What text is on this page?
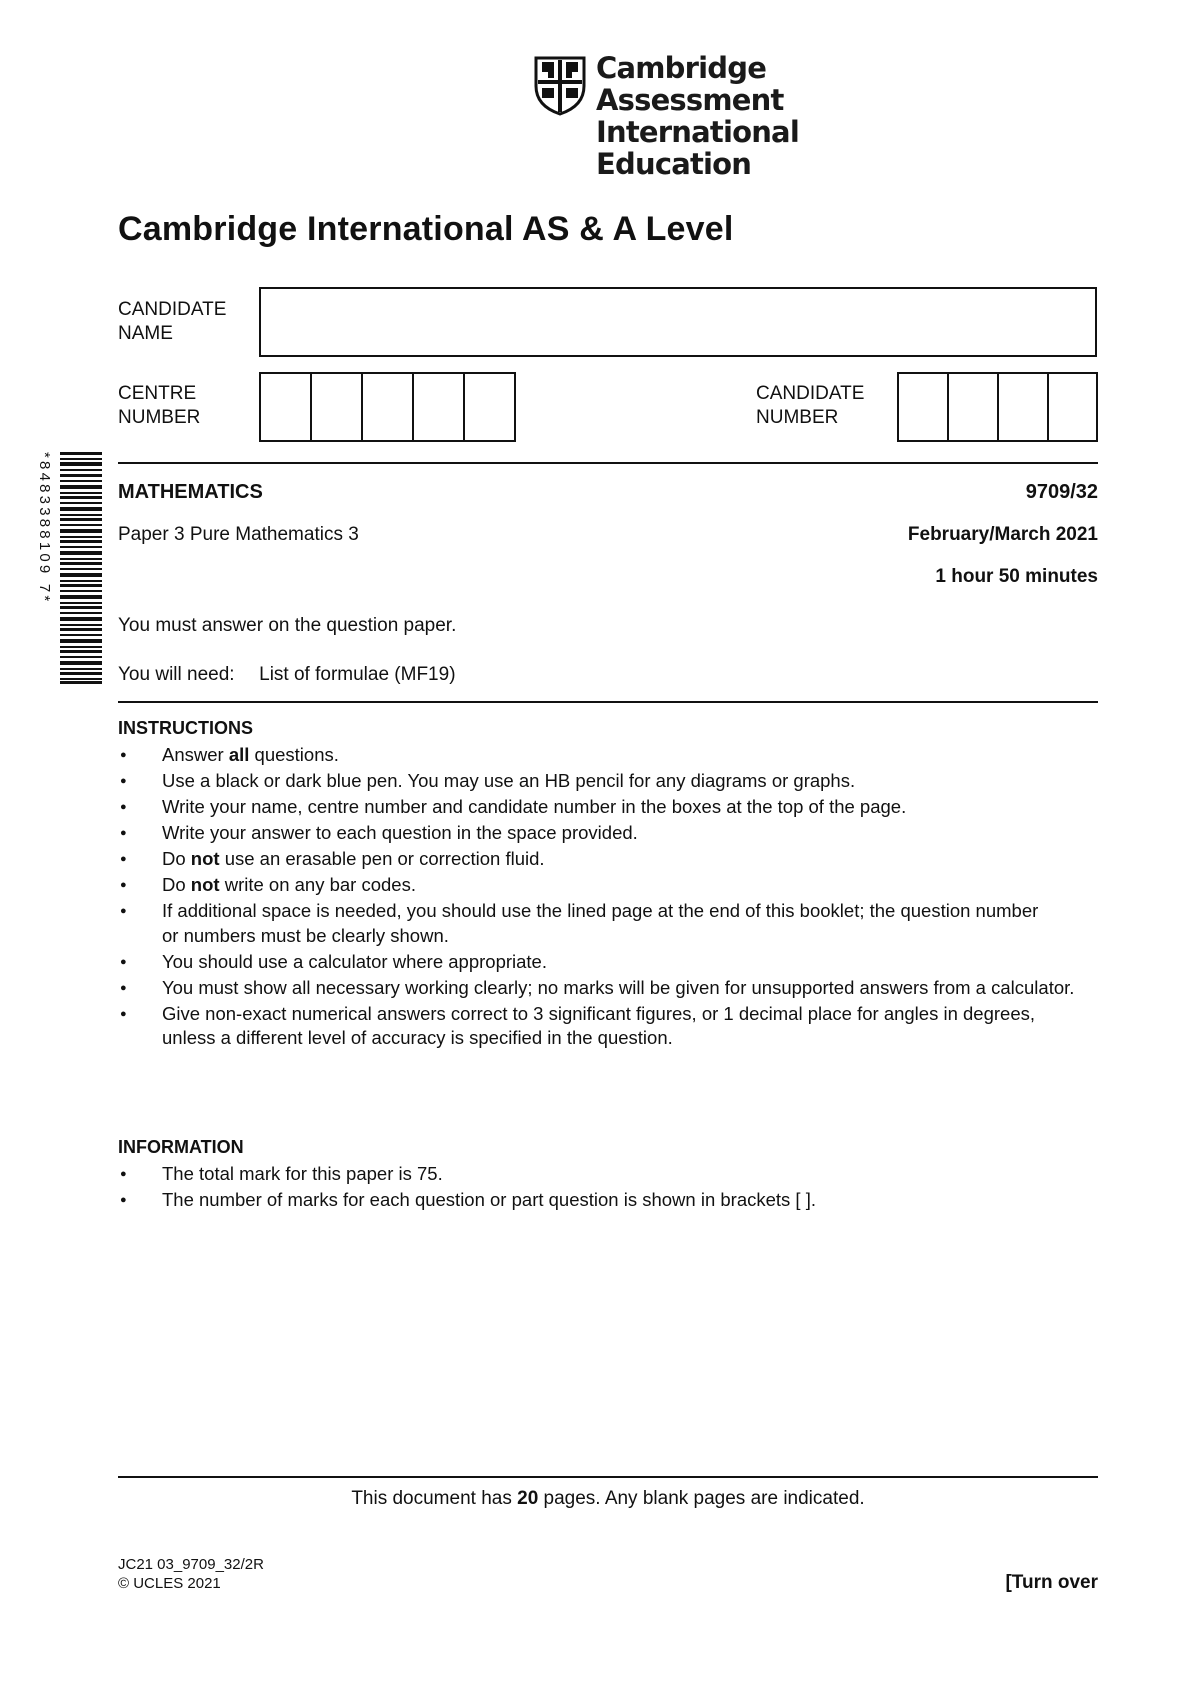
Cambridge Assessment
International Education
Cambridge International AS & A Level
CANDIDATE
NAME
CENTRE
NUMBER
CANDIDATE
NUMBER
*8483388109 7*	MATHEMATICS	9709/32
Paper 3 Pure Mathematics 3	February/March 2021
1 hour 50 minutes
You must answer on the question paper.
You will need: List of formulae (MF19)
INSTRUCTIONS
● Answer all questions.
● Use a black or dark blue pen. You may use an HB pencil for any diagrams or graphs.
● Write your name, centre number and candidate number in the boxes at the top of the page.
● Write your answer to each question in the space provided.
● Do not use an erasable pen or correction fluid.
● Do not write on any bar codes.
● If additional space is needed, you should use the lined page at the end of this booklet; the question number or numbers must be clearly shown.
● You should use a calculator where appropriate.
● You must show all necessary working clearly; no marks will be given for unsupported answers from a calculator.
● Give non-exact numerical answers correct to 3 significant figures, or 1 decimal place for angles in degrees, unless a different level of accuracy is specified in the question.
INFORMATION
● The total mark for this paper is 75.
● The number of marks for each question or part question is shown in brackets [ ].
This document has 20 pages. Any blank pages are indicated.
JC21 03_9709_32/2R
© UCLES 2021	[Turn over
